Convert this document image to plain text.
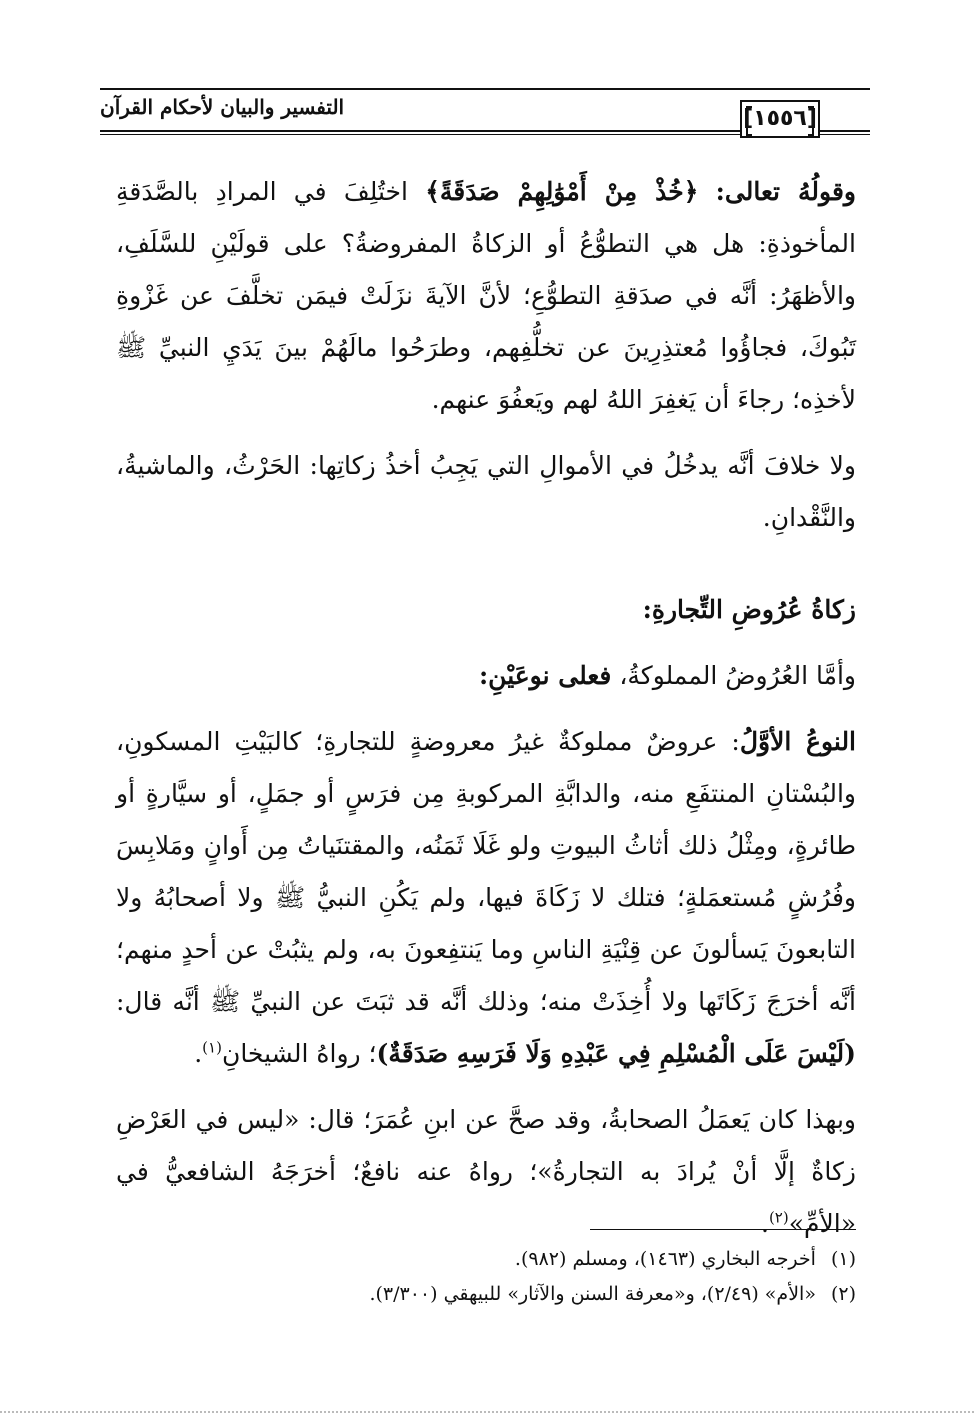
التفسير والبيان لأحكام القرآن	[١٥٥٦]

وقولُهُ تعالى: ﴿خُذْ مِنْ أَمْوَٰلِهِمْ صَدَقَةً﴾ اختُلِفَ في المرادِ بالصَّدَقةِ المأخوذةِ: هل هي التطوُّعُ أو الزكاةُ المفروضةُ؟ على قولَيْنِ للسَّلَفِ، والأظهَرُ: أنَّه في صدَقةِ التطوُّعِ؛ لأنَّ الآيةَ نزَلَتْ فيمَن تخلَّفَ عن غَزْوةِ تَبُوكَ، فجاؤُوا مُعتذِرِينَ عن تخلُّفِهم، وطرَحُوا مالَهُمْ بينَ يَدَيِ النبيِّ ﷺ لأخذِه؛ رجاءَ أن يَغفِرَ اللهُ لهم ويَعفُوَ عنهم.

ولا خلافَ أنَّه يدخُلُ في الأموالِ التي يَجِبُ أخذُ زكاتِها: الحَرْثُ، والماشيةُ، والنَّقْدانِ.

زكاةُ عُرُوضِ التِّجارةِ:

وأمَّا العُرُوضُ المملوكةُ، فعلى نوعَيْنِ:

النوعُ الأوَّلُ: عروضٌ مملوكةٌ غيرُ معروضةٍ للتجارةِ؛ كالبَيْتِ المسكونِ، والبُسْتانِ المنتفَعِ منه، والدابَّةِ المركوبةِ مِن فرَسٍ أو جمَلٍ، أو سيَّارةٍ أو طائرةٍ، ومِثْلُ ذلك أثاثُ البيوتِ ولو غَلَا ثَمَنُه، والمقتنَياتُ مِن أَوانٍ ومَلابِسَ وفُرُشٍ مُستعمَلةٍ؛ فتلك لا زَكَاةَ فيها، ولم يَكُنِ النبيُّ ﷺ ولا أصحابُهُ ولا التابعونَ يَسألونَ عن قِنْيَةِ الناسِ وما يَنتفِعونَ به، ولم يثبُتْ عن أحدٍ منهم؛ أنَّه أخرَجَ زَكَاتَها ولا أُخِذَتْ منه؛ وذلك أنَّه قد ثبَتَ عن النبيِّ ﷺ أنَّه قال: (لَيْسَ عَلَى الْمُسْلِمِ فِي عَبْدِهِ وَلَا فَرَسِهِ صَدَقَةٌ)؛ رواهُ الشيخانِ$^{(١)}$.

وبهذا كان يَعمَلُ الصحابةُ، وقد صحَّ عن ابنِ عُمَرَ؛ قال: «ليس في العَرْضِ زكاةٌ إلَّا أنْ يُرادَ به التجارةُ»؛ رواهُ عنه نافعٌ؛ أخرَجَهُ الشافعيُّ في «الأمِّ»$^{(٢)}$.

(١) أخرجه البخاري (١٤٦٣)، ومسلم (٩٨٢).

(٢) «الأم» (٢/٤٩)، و«معرفة السنن والآثار» للبيهقي (٣/٣٠٠).
